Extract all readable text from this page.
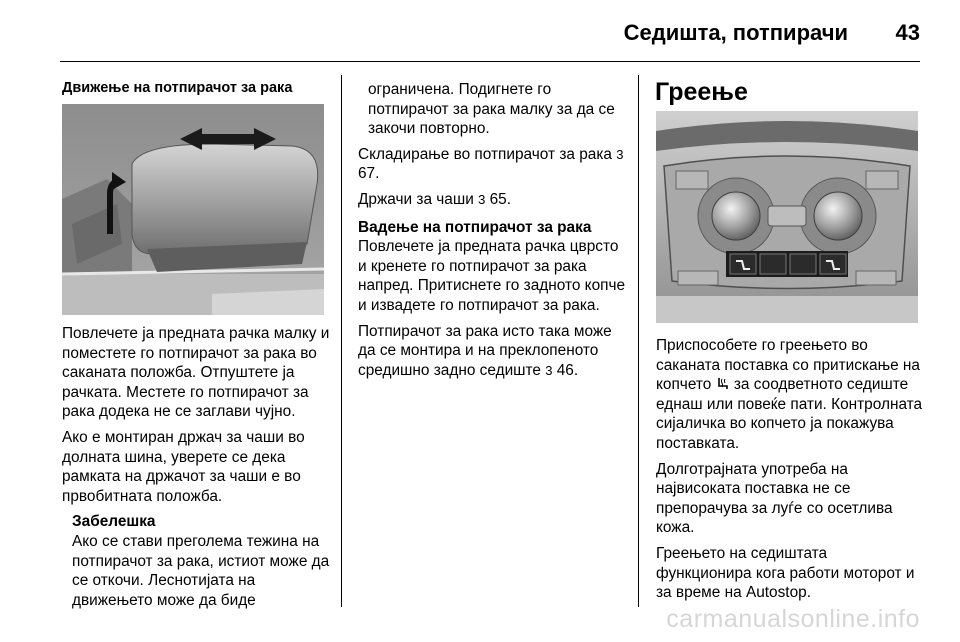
Седишта, потпирачи 43
Движење на потпирачот за рака

Повлечете ја предната рачка малку и поместете го потпирачот за рака во саканата положба. Отпуштете ја рачката. Местете го потпирачот за рака додека не се заглави чујно.

Ако е монтиран држач за чаши во долната шина, уверете се дека рамката на држачот за чаши е во првобитната положба.

Забелешка
Ако се стави преголема тежина на потпирачот за рака, истиот може да се откочи. Леснотијата на движењето може да биде

ограничена. Подигнете го потпирачот за рака малку за да се закочи повторно.

Складирање во потпирачот за рака 3 67.

Држачи за чаши 3 65.

Вадење на потпирачот за рака

Повлечете ја предната рачка цврсто и кренете го потпирачот за рака напред. Притиснете го задното копче и извадете го потпирачот за рака.

Потпирачот за рака исто така може да се монтира и на преклопеното средишно задно седиште 3 46.

Греење

Приспособете го греењето во саканата поставка со притискање на копчето за соодветното седиште еднаш или повеќе пати. Контролната сијаличка во копчето ја покажува поставката.

Долготрајната употреба на највисоката поставка не се препорачува за луѓе со осетлива кожа.

Греењето на седиштата функционира кога работи моторот и за време на Autostop.

carmanualsonline.info
